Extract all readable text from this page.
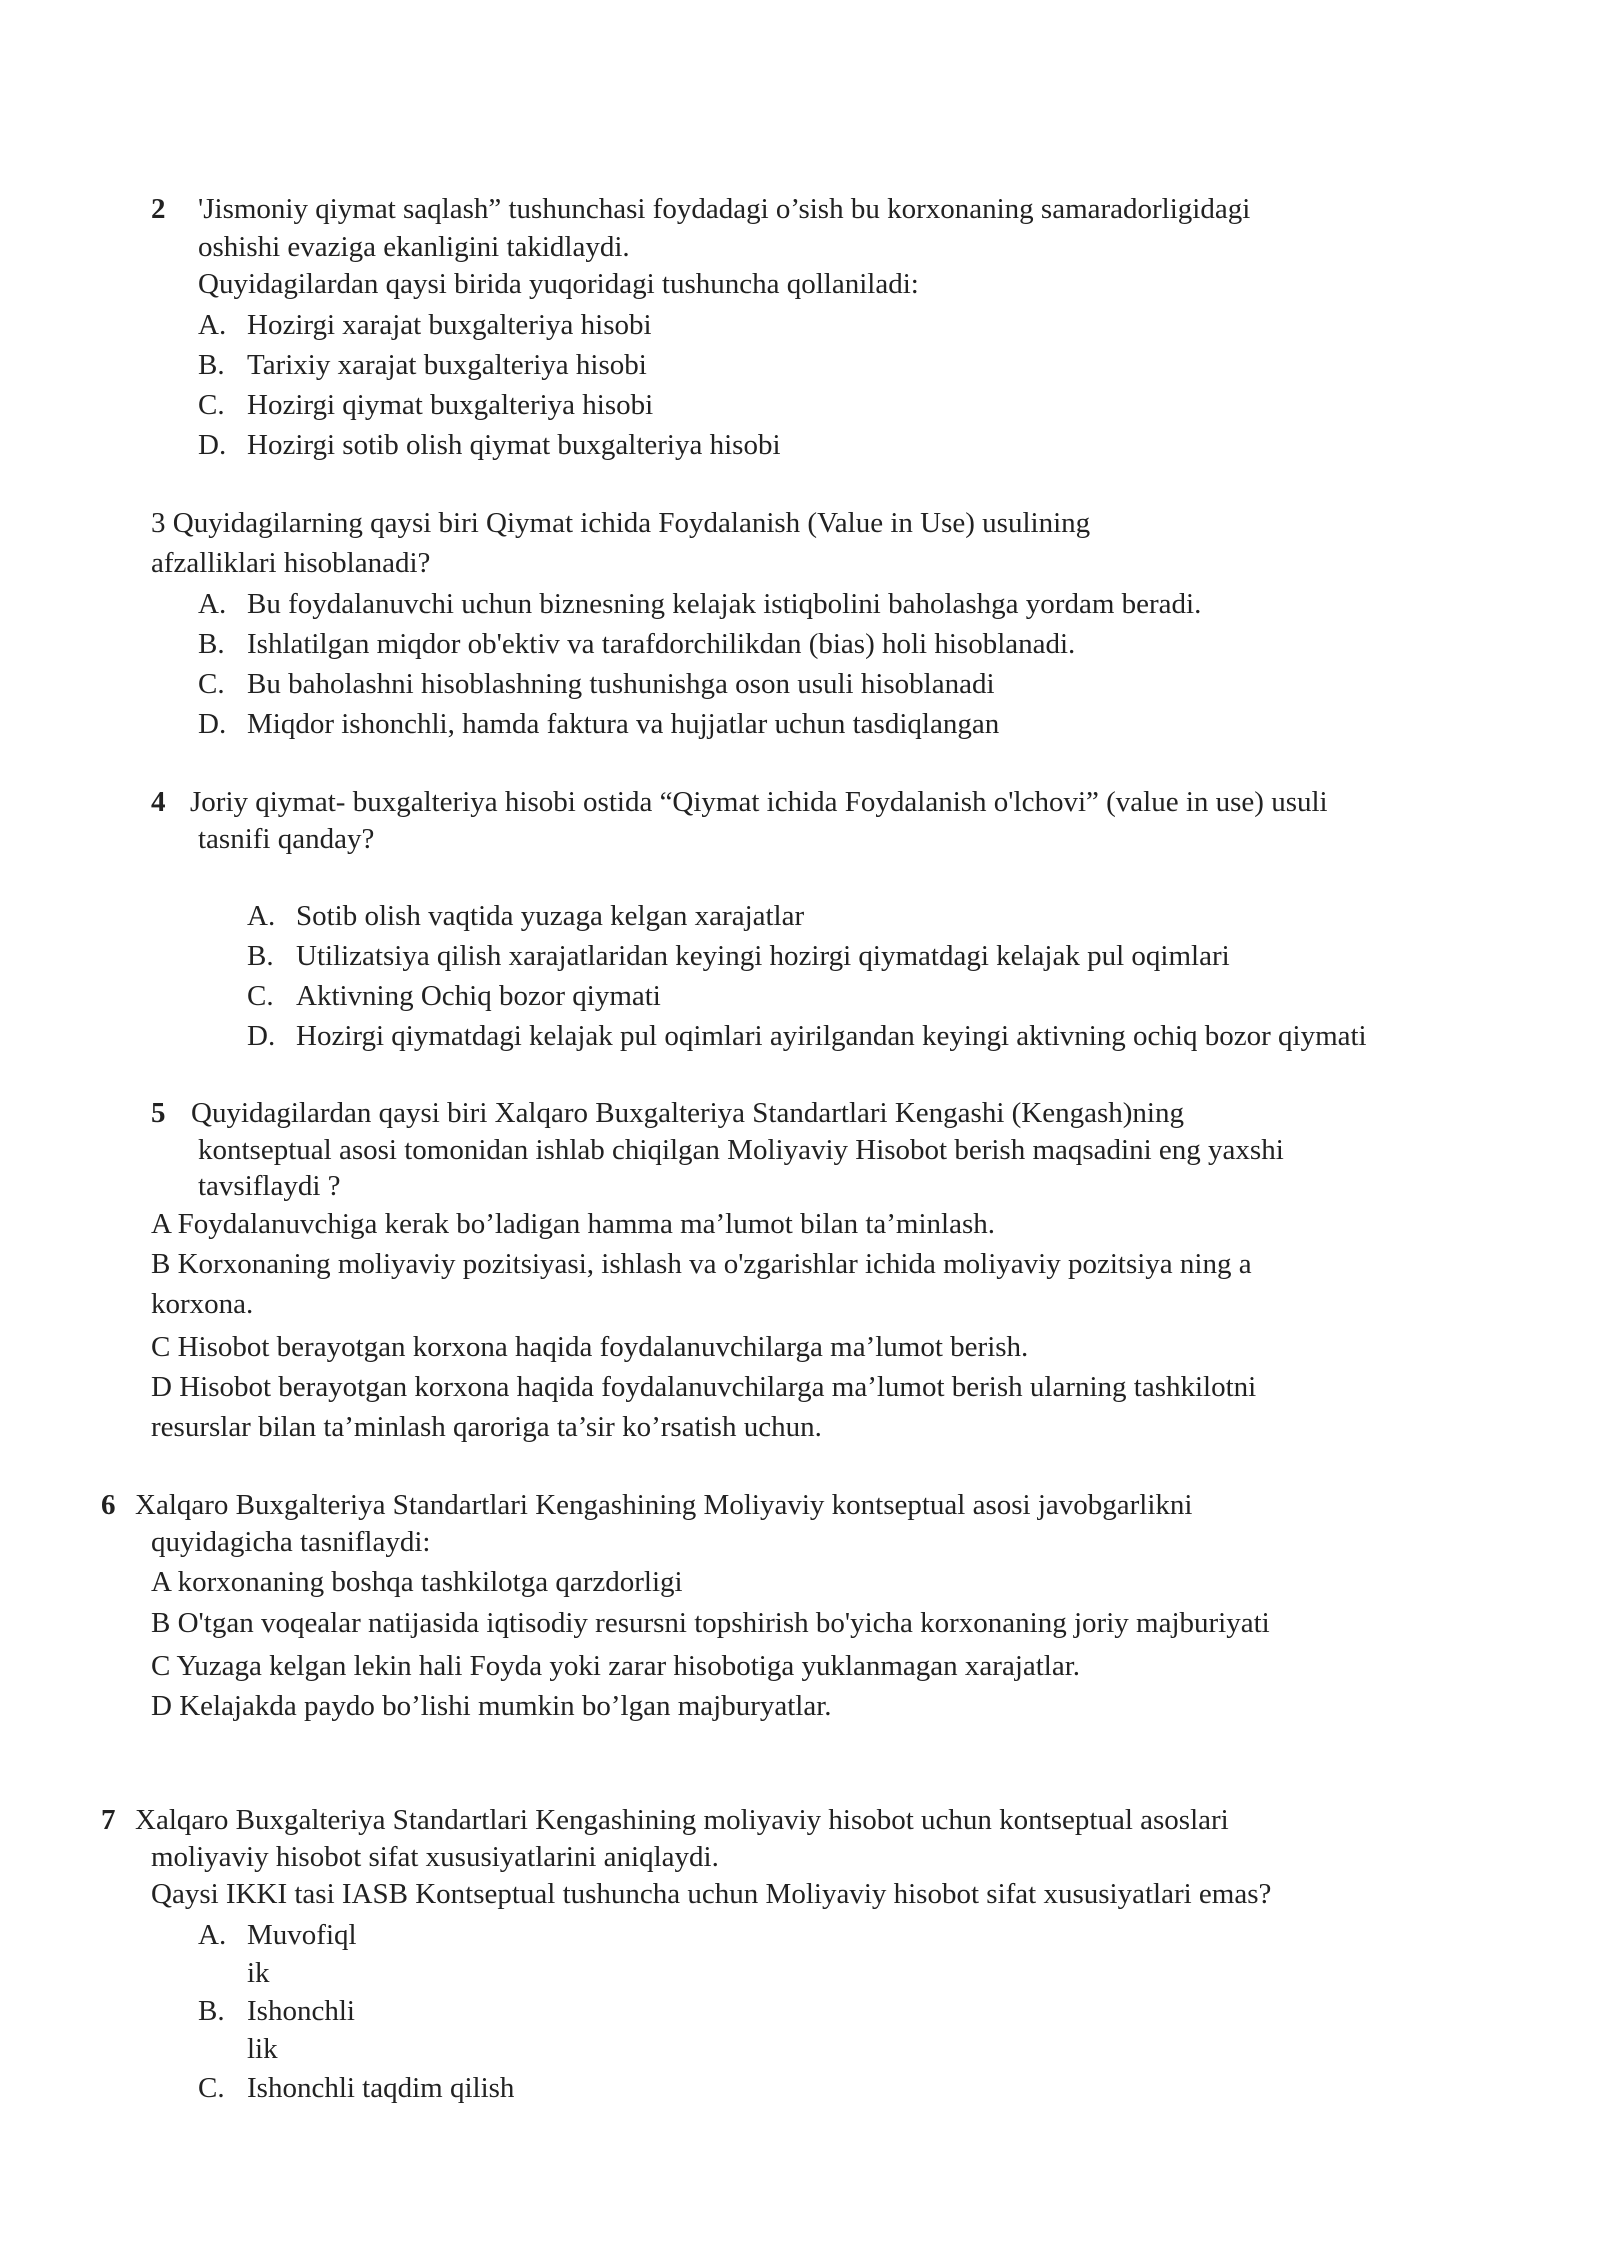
2 'Jismoniy qiymat saqlash” tushunchasi foydadagi o’sish bu korxonaning samaradorligidagi
oshishi evaziga ekanligini takidlaydi.
Quyidagilardan qaysi birida yuqoridagi tushuncha qollaniladi:
A. Hozirgi xarajat buxgalteriya hisobi
B. Tarixiy xarajat buxgalteriya hisobi
C. Hozirgi qiymat buxgalteriya hisobi
D. Hozirgi sotib olish qiymat buxgalteriya hisobi
3 Quyidagilarning qaysi biri Qiymat ichida Foydalanish (Value in Use) usulining
afzalliklari hisoblanadi?
A. Bu foydalanuvchi uchun biznesning kelajak istiqbolini baholashga yordam beradi.
B. Ishlatilgan miqdor ob'ektiv va tarafdorchilikdan (bias) holi hisoblanadi.
C. Bu baholashni hisoblashning tushunishga oson usuli hisoblanadi
D. Miqdor ishonchli, hamda faktura va hujjatlar uchun tasdiqlangan
4 Joriy qiymat- buxgalteriya hisobi ostida “Qiymat ichida Foydalanish o'lchovi” (value in use) usuli
tasnifi qanday?
A. Sotib olish vaqtida yuzaga kelgan xarajatlar
B. Utilizatsiya qilish xarajatlaridan keyingi hozirgi qiymatdagi kelajak pul oqimlari
C. Aktivning Ochiq bozor qiymati
D. Hozirgi qiymatdagi kelajak pul oqimlari ayirilgandan keyingi aktivning ochiq bozor qiymati
5 Quyidagilardan qaysi biri Xalqaro Buxgalteriya Standartlari Kengashi (Kengash)ning
kontseptual asosi tomonidan ishlab chiqilgan Moliyaviy Hisobot berish maqsadini eng yaxshi
tavsiflaydi ?
A Foydalanuvchiga kerak bo’ladigan hamma ma’lumot bilan ta’minlash.
B Korxonaning moliyaviy pozitsiyasi, ishlash va o'zgarishlar ichida moliyaviy pozitsiya ning a
korxona.
C Hisobot berayotgan korxona haqida foydalanuvchilarga ma’lumot berish.
D Hisobot berayotgan korxona haqida foydalanuvchilarga ma’lumot berish ularning tashkilotni
resurslar bilan ta’minlash qaroriga ta’sir ko’rsatish uchun.
6 Xalqaro Buxgalteriya Standartlari Kengashining Moliyaviy kontseptual asosi javobgarlikni
quyidagicha tasniflaydi:
A korxonaning boshqa tashkilotga qarzdorligi
B O'tgan voqealar natijasida iqtisodiy resursni topshirish bo'yicha korxonaning joriy majburiyati
C Yuzaga kelgan lekin hali Foyda yoki zarar hisobotiga yuklanmagan xarajatlar.
D Kelajakda paydo bo’lishi mumkin bo’lgan majburyatlar.
7 Xalqaro Buxgalteriya Standartlari Kengashining moliyaviy hisobot uchun kontseptual asoslari
moliyaviy hisobot sifat xususiyatlarini aniqlaydi.
Qaysi IKKI tasi IASB Kontseptual tushuncha uchun Moliyaviy hisobot sifat xususiyatlari emas?
A. Muvofiql
ik
B. Ishonchli
lik
C. Ishonchli taqdim qilish
